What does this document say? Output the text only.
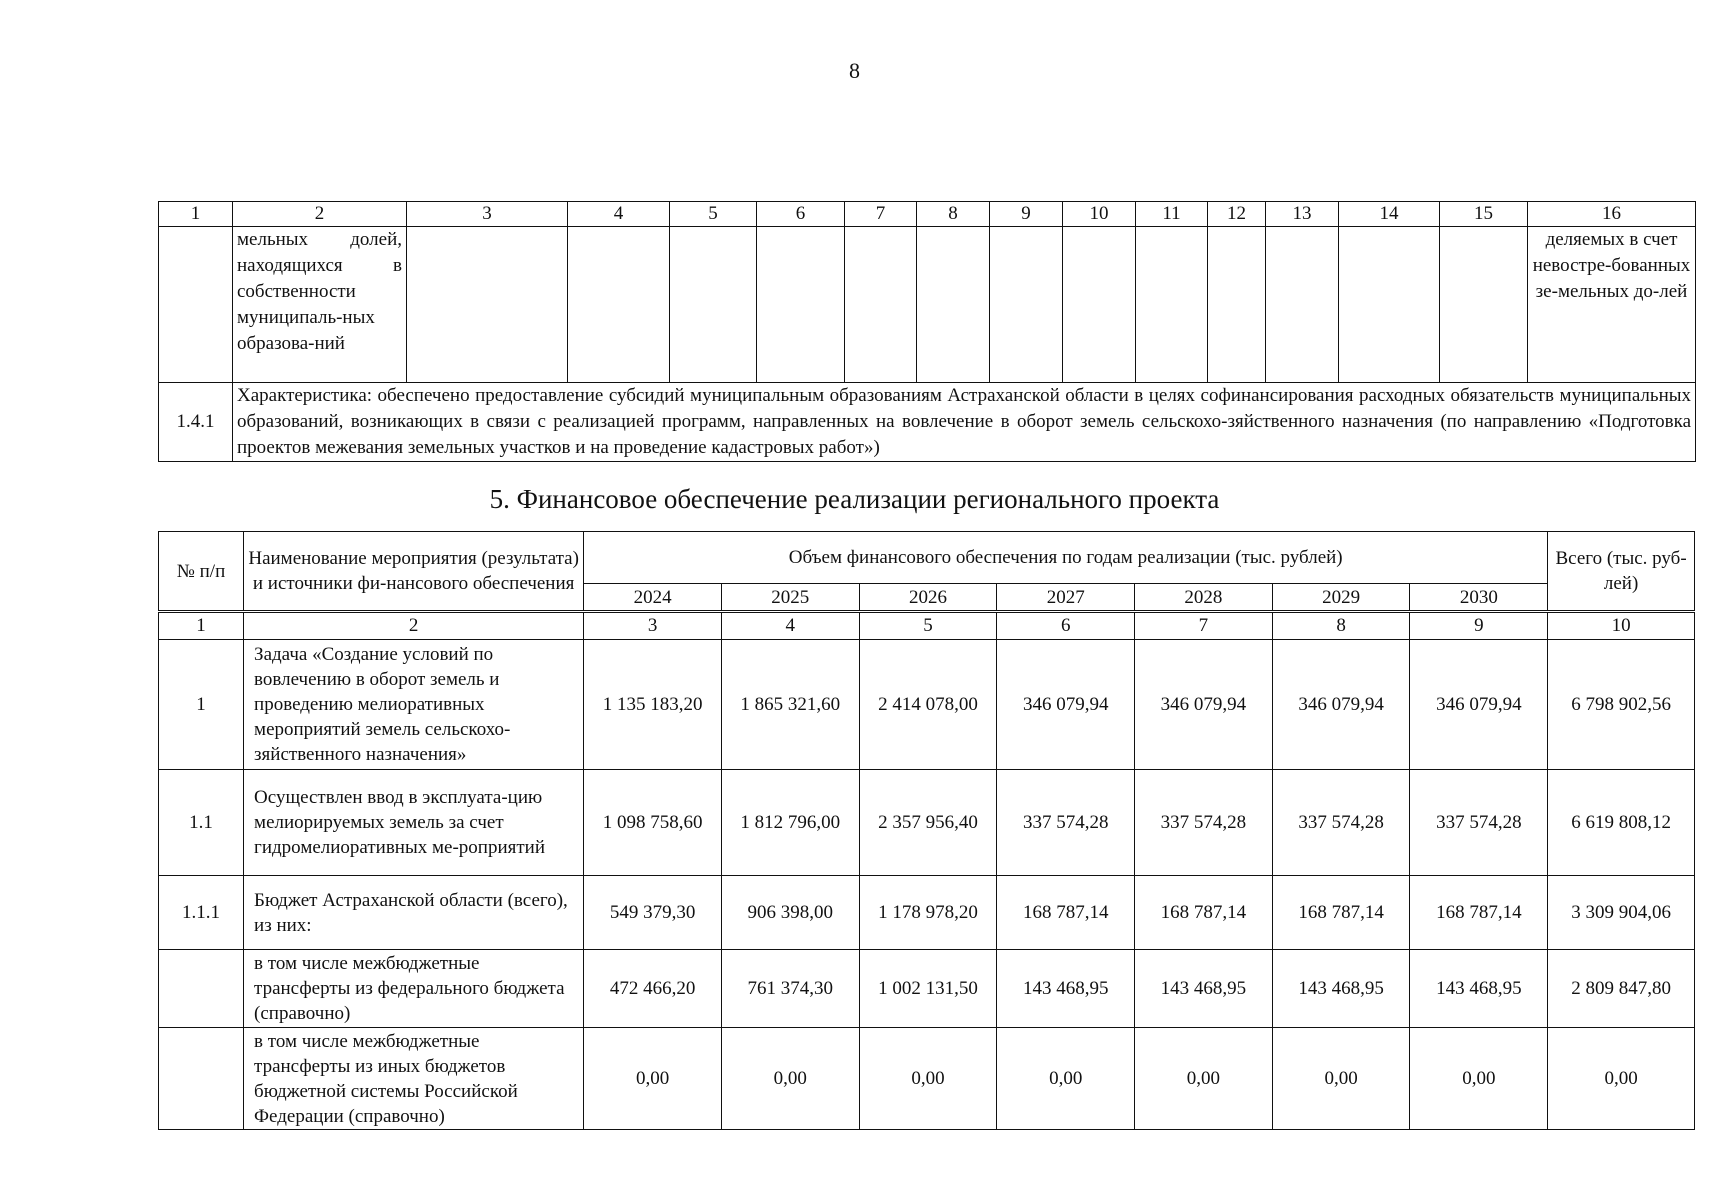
8
1	2	3	4	5	6	7	8	9	10	11	12	13	14	15	16
	мельных долей, находящихся в собственности муниципаль-ных образова-ний														деляемых в счет невостре-бованных зе-мельных до-лей
1.4.1	Характеристика: обеспечено предоставление субсидий муниципальным образованиям Астраханской области в целях софинансирования расходных обязательств муниципальных образований, возникающих в связи с реализацией программ, направленных на вовлечение в оборот земель сельскохо-зяйственного назначения (по направлению «Подготовка проектов межевания земельных участков и на проведение кадастровых работ»)														
5. Финансовое обеспечение реализации регионального проекта
№ п/п	Наименование мероприятия (результата) и источники фи-нансового обеспечения	Объем финансового обеспечения по годам реализации (тыс. рублей)							Всего (тыс. руб-лей)
		2024	2025	2026	2027	2028	2029	2030	
1	2	3	4	5	6	7	8	9	10
1	Задача «Создание условий по вовлечению в оборот земель и проведению мелиоративных мероприятий земель сельскохо-зяйственного назначения»	1 135 183,20	1 865 321,60	2 414 078,00	346 079,94	346 079,94	346 079,94	346 079,94	6 798 902,56
1.1	Осуществлен ввод в эксплуата-цию мелиорируемых земель за счет гидромелиоративных ме-роприятий	1 098 758,60	1 812 796,00	2 357 956,40	337 574,28	337 574,28	337 574,28	337 574,28	6 619 808,12
1.1.1	Бюджет Астраханской области (всего), из них:	549 379,30	906 398,00	1 178 978,20	168 787,14	168 787,14	168 787,14	168 787,14	3 309 904,06
	в том числе межбюджетные трансферты из федерального бюджета (справочно)	472 466,20	761 374,30	1 002 131,50	143 468,95	143 468,95	143 468,95	143 468,95	2 809 847,80
	в том числе межбюджетные трансферты из иных бюджетов бюджетной системы Российской Федерации (справочно)	0,00	0,00	0,00	0,00	0,00	0,00	0,00	0,00
